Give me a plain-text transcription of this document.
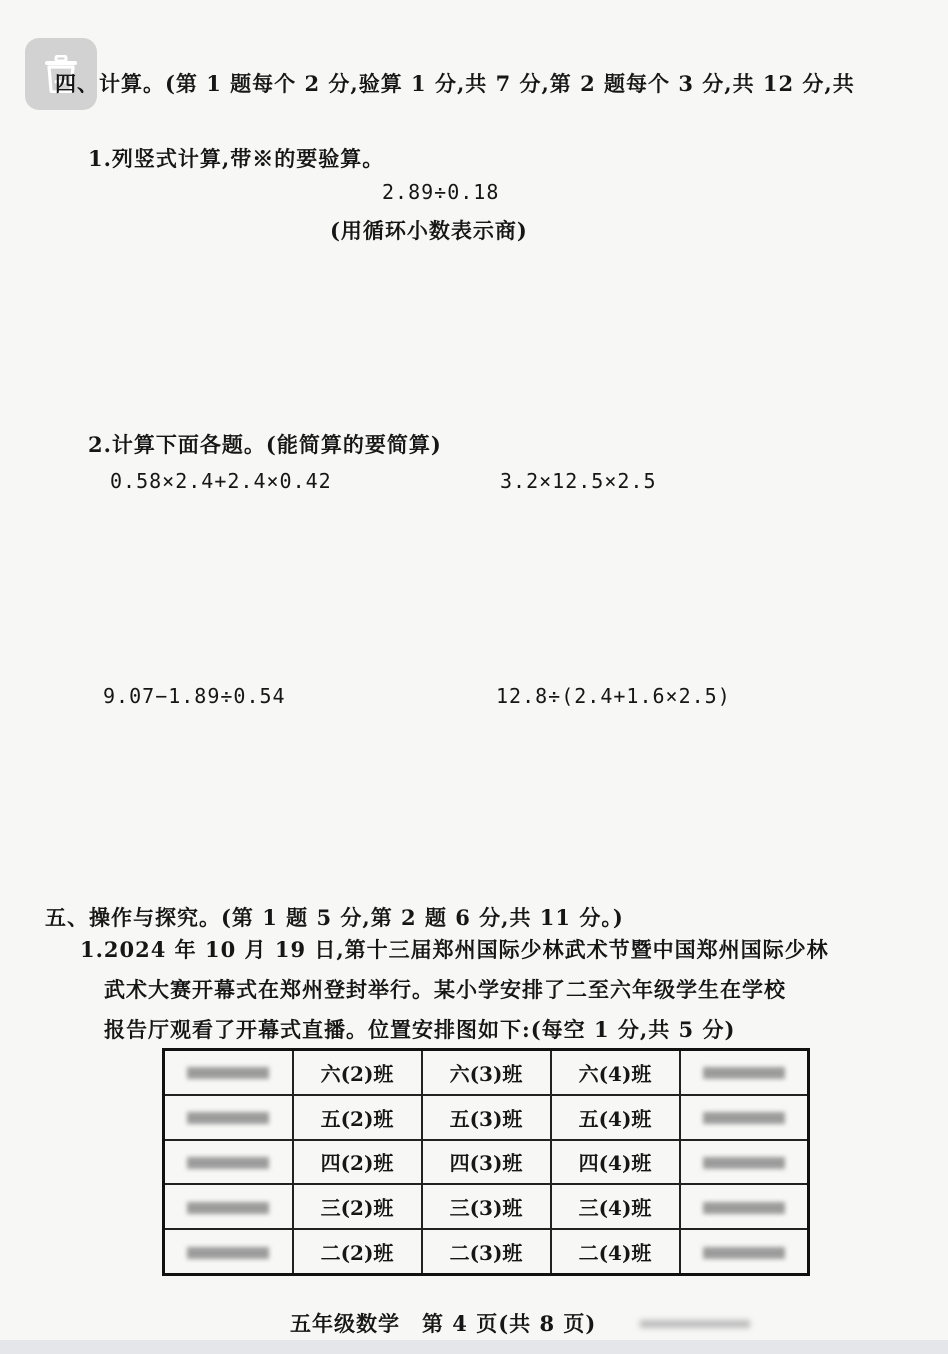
四、计算。(第 1 题每个 2 分,验算 1 分,共 7 分,第 2 题每个 3 分,共 12 分,共
1.列竖式计算,带※的要验算。
2.89÷0.18
(用循环小数表示商)
2.计算下面各题。(能简算的要简算)
0.58×2.4+2.4×0.42	3.2×12.5×2.5
9.07−1.89÷0.54	12.8÷(2.4+1.6×2.5)
五、操作与探究。(第 1 题 5 分,第 2 题 6 分,共 11 分。)
1.2024 年 10 月 19 日,第十三届郑州国际少林武术节暨中国郑州国际少林
武术大赛开幕式在郑州登封举行。某小学安排了二至六年级学生在学校
报告厅观看了开幕式直播。位置安排图如下:(每空 1 分,共 5 分)
	六(2)班	六(3)班	六(4)班	
	五(2)班	五(3)班	五(4)班	
	四(2)班	四(3)班	四(4)班	
	三(2)班	三(3)班	三(4)班	
	二(2)班	二(3)班	二(4)班	
五年级数学　第 4 页(共 8 页)
